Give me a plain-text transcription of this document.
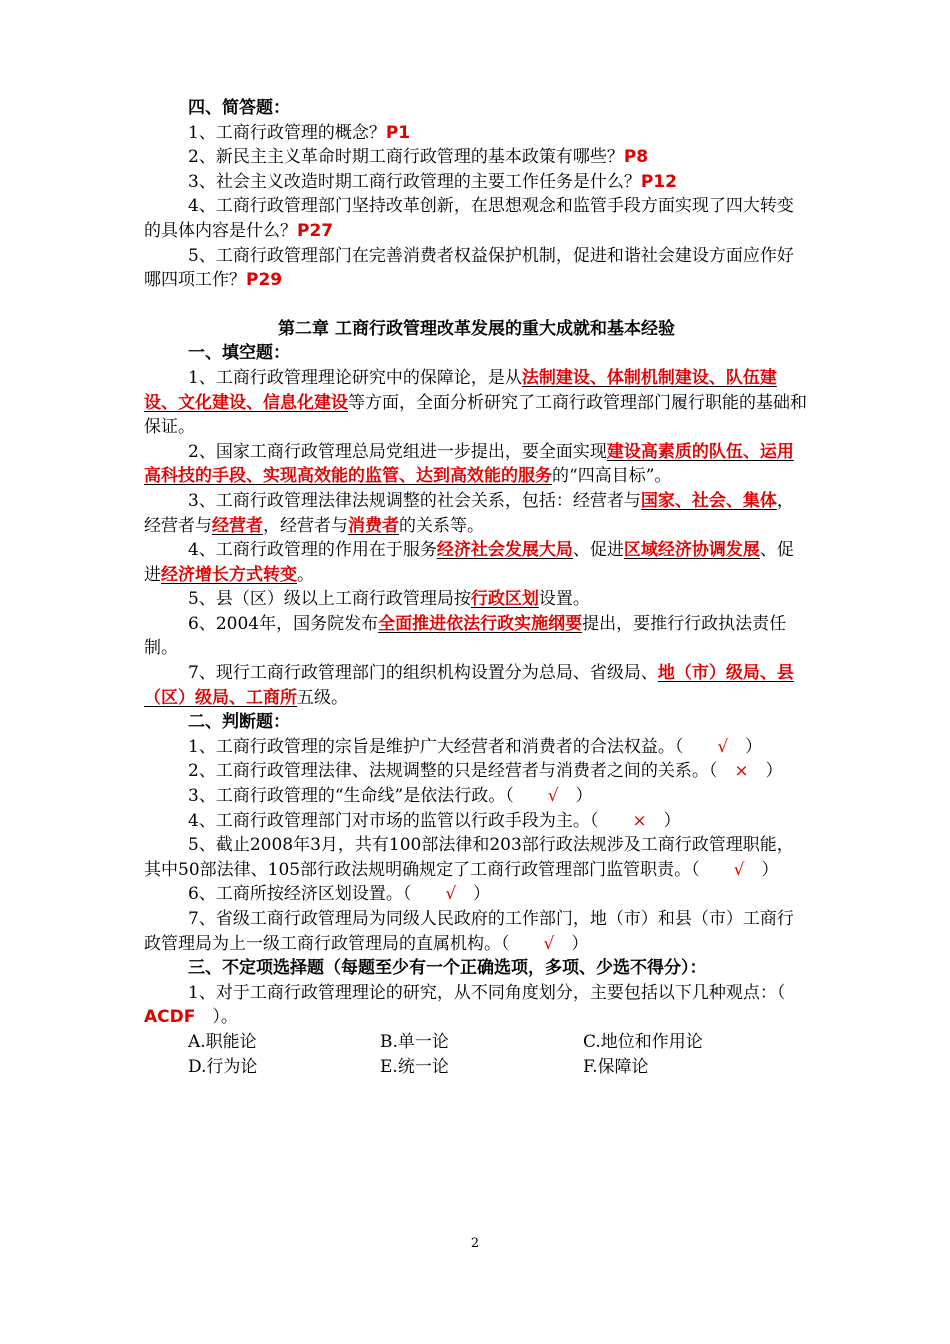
四、简答题：

1、工商行政管理的概念？P1

2、新民主主义革命时期工商行政管理的基本政策有哪些？P8

3、社会主义改造时期工商行政管理的主要工作任务是什么？P12

4、工商行政管理部门坚持改革创新，在思想观念和监管手段方面实现了四大转变的具体内容是什么？P27

5、工商行政管理部门在完善消费者权益保护机制，促进和谐社会建设方面应作好哪四项工作？P29

第二章 工商行政管理改革发展的重大成就和基本经验

一、填空题：

1、工商行政管理理论研究中的保障论，是从法制建设、体制机制建设、队伍建设、文化建设、信息化建设等方面，全面分析研究了工商行政管理部门履行职能的基础和保证。

2、国家工商行政管理总局党组进一步提出，要全面实现建设高素质的队伍、运用高科技的手段、实现高效能的监管、达到高效能的服务的“四高目标”。

3、工商行政管理法律法规调整的社会关系，包括：经营者与国家、社会、集体，经营者与经营者，经营者与消费者的关系等。

4、工商行政管理的作用在于服务经济社会发展大局、促进区域经济协调发展、促进经济增长方式转变。

5、县（区）级以上工商行政管理局按行政区划设置。

6、2004年，国务院发布全面推进依法行政实施纲要提出，要推行行政执法责任制。

7、现行工商行政管理部门的组织机构设置分为总局、省级局、地（市）级局、县（区）级局、工商所五级。

二、判断题：

1、工商行政管理的宗旨是维护广大经营者和消费者的合法权益。（   √  ）

2、工商行政管理法律、法规调整的只是经营者与消费者之间的关系。（  ×  ）

3、工商行政管理的“生命线”是依法行政。（   √  ）

4、工商行政管理部门对市场的监管以行政手段为主。（   ×  ）

5、截止2008年3月，共有100部法律和203部行政法规涉及工商行政管理职能，其中50部法律、105部行政法规明确规定了工商行政管理部门监管职责。（   √  ）

6、工商所按经济区划设置。（   √  ）

7、省级工商行政管理局为同级人民政府的工作部门，地（市）和县（市）工商行政管理局为上一级工商行政管理局的直属机构。（   √  ）

三、不定项选择题（每题至少有一个正确选项，多项、少选不得分）：

1、对于工商行政管理理论的研究，从不同角度划分，主要包括以下几种观点：（ ACDF  ）。

A.职能论	B.单一论	C.地位和作用论
D.行为论	E.统一论	F.保障论
2
